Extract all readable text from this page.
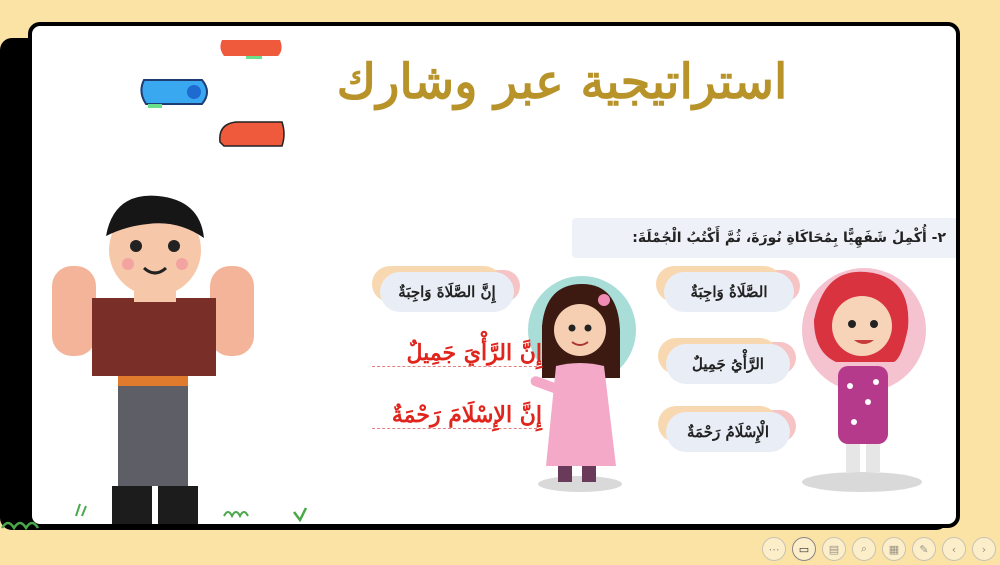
استراتيجية عبر وشارك
٢- أُكْمِلُ شَفَهِيًّا بِمُحَاكَاةِ نُورَةَ، ثُمَّ أَكْتُبُ الْجُمْلَةَ:
إِنَّ الصَّلَاةَ وَاجِبَةٌ	الصَّلَاةُ وَاجِبَةٌ
الرَّأْيُ جَمِيلٌ
الْإِسْلَامُ رَحْمَةٌ
إِنَّ الرَّأْيَ جَمِيلٌ
إِنَّ الإِسْلَامَ رَحْمَةٌ
⋯	▭	▤	⌕	▦	✎	‹	›
